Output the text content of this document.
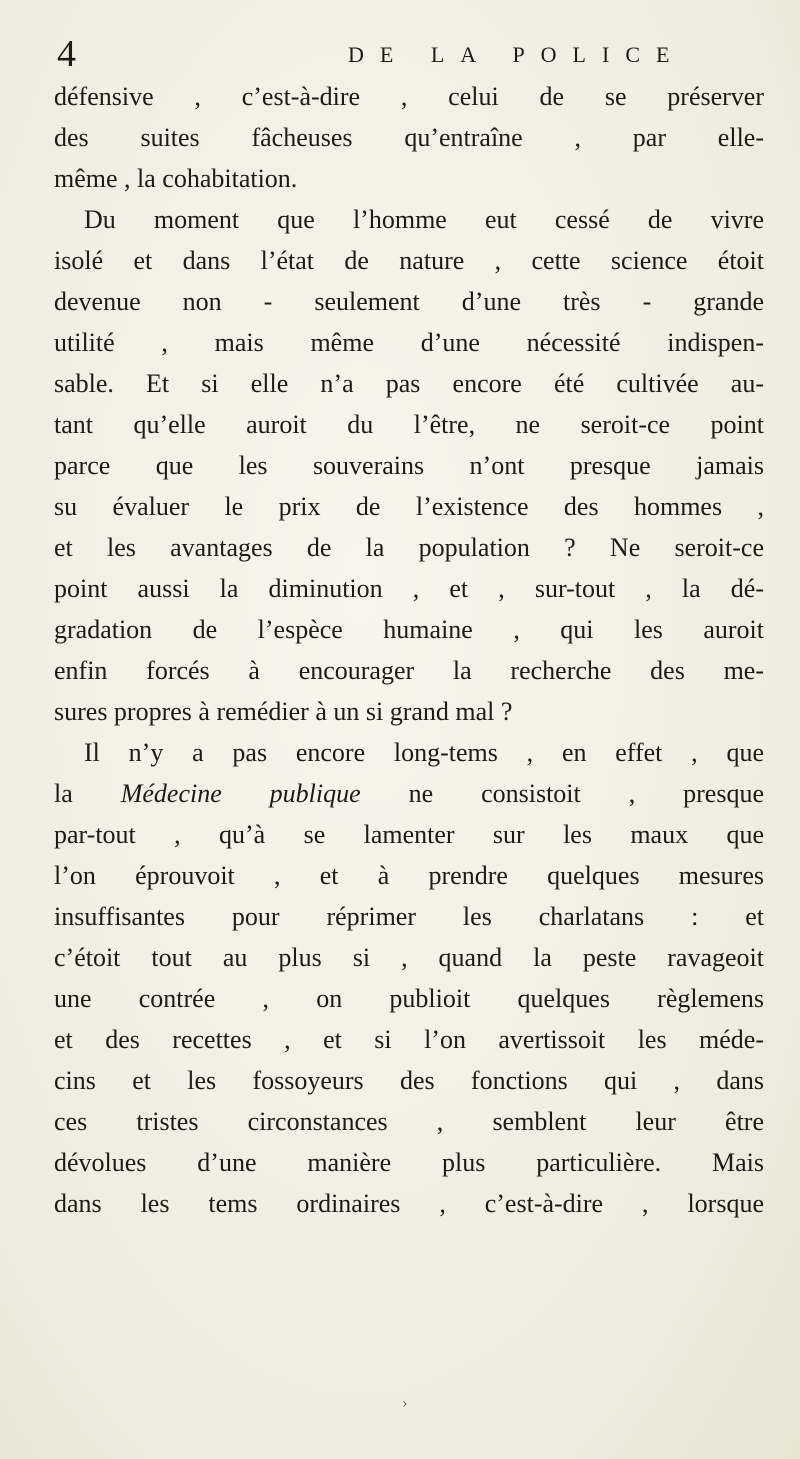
4	DE LA POLICE
défensive , c’est-à-dire , celui de se préserver
des suites fâcheuses qu’entraîne , par elle-
même , la cohabitation.
Du moment que l’homme eut cessé de vivre
isolé et dans l’état de nature , cette science étoit
devenue non - seulement d’une très - grande
utilité , mais même d’une nécessité indispen-
sable. Et si elle n’a pas encore été cultivée au-
tant qu’elle auroit du l’être, ne seroit-ce point
parce que les souverains n’ont presque jamais
su évaluer le prix de l’existence des hommes ,
et les avantages de la population ? Ne seroit-ce
point aussi la diminution , et , sur-tout , la dé-
gradation de l’espèce humaine , qui les auroit
enfin forcés à encourager la recherche des me-
sures propres à remédier à un si grand mal ?
Il n’y a pas encore long-tems , en effet , que
la Médecine publique ne consistoit , presque
par-tout , qu’à se lamenter sur les maux que
l’on éprouvoit , et à prendre quelques mesures
insuffisantes pour réprimer les charlatans : et
c’étoit tout au plus si , quand la peste ravageoit
une contrée , on publioit quelques règlemens
et des recettes , et si l’on avertissoit les méde-
cins et les fossoyeurs des fonctions qui , dans
ces tristes circonstances , semblent leur être
dévolues d’une manière plus particulière. Mais
dans les tems ordinaires , c’est-à-dire , lorsque
›
